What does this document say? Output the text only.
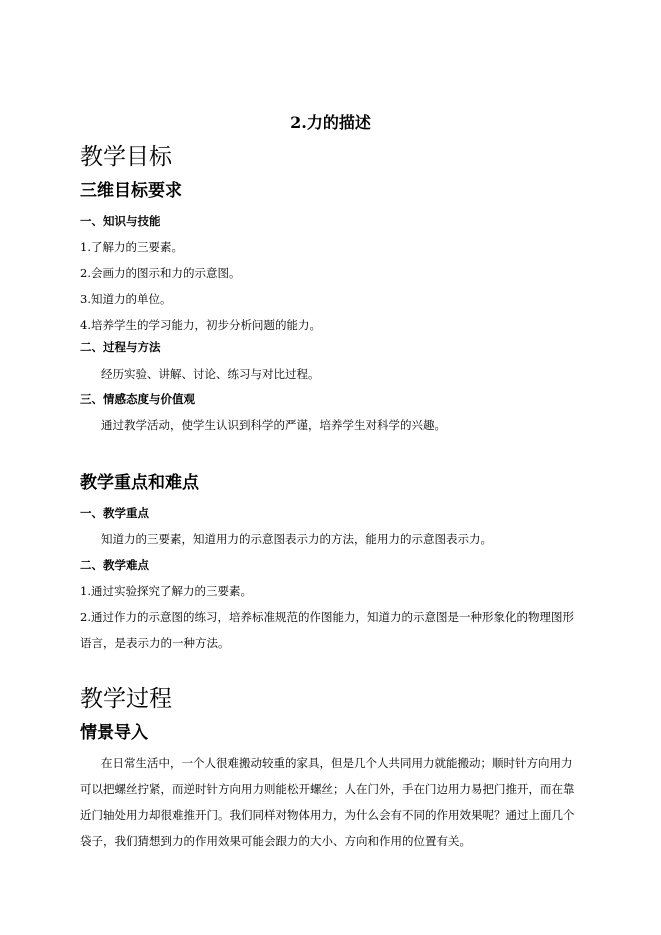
2.力的描述
教学目标
三维目标要求
一、知识与技能
1.了解力的三要素。
2.会画力的图示和力的示意图。
3.知道力的单位。
4.培养学生的学习能力，初步分析问题的能力。
二、过程与方法
经历实验、讲解、讨论、练习与对比过程。
三、情感态度与价值观
通过教学活动，使学生认识到科学的严谨，培养学生对科学的兴趣。
教学重点和难点
一、教学重点
知道力的三要素，知道用力的示意图表示力的方法，能用力的示意图表示力。
二、教学难点
1.通过实验探究了解力的三要素。
2.通过作力的示意图的练习，培养标准规范的作图能力，知道力的示意图是一种形象化的物理图形
语言，是表示力的一种方法。
教学过程
情景导入
在日常生活中，一个人很难搬动较重的家具，但是几个人共同用力就能搬动；顺时针方向用力
可以把螺丝拧紧，而逆时针方向用力则能松开螺丝；人在门外，手在门边用力易把门推开，而在靠
近门轴处用力却很难推开门。我们同样对物体用力，为什么会有不同的作用效果呢？通过上面几个
袋子，我们猜想到力的作用效果可能会跟力的大小、方向和作用的位置有关。
